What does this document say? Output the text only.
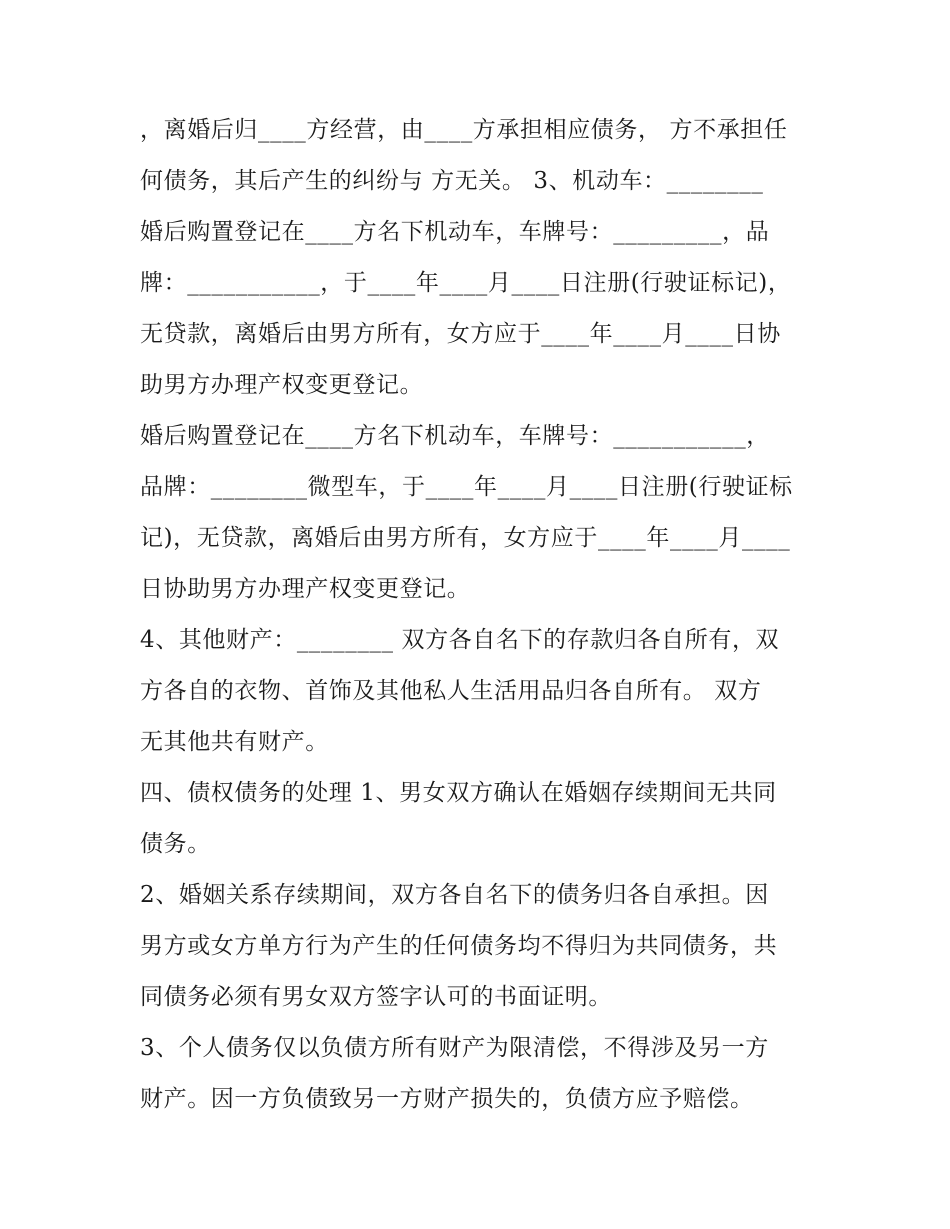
，离婚后归____方经营，由____方承担相应债务， 方不承担任

何债务，其后产生的纠纷与 方无关。 3、机动车：________

婚后购置登记在____方名下机动车，车牌号：_________，品

牌：___________，于____年____月____日注册(行驶证标记)，

无贷款，离婚后由男方所有，女方应于____年____月____日协

助男方办理产权变更登记。

婚后购置登记在____方名下机动车，车牌号：___________，

品牌：________微型车，于____年____月____日注册(行驶证标

记)，无贷款，离婚后由男方所有，女方应于____年____月____

日协助男方办理产权变更登记。

4、其他财产：________ 双方各自名下的存款归各自所有，双

方各自的衣物、首饰及其他私人生活用品归各自所有。 双方

无其他共有财产。

四、债权债务的处理 1、男女双方确认在婚姻存续期间无共同

债务。

2、婚姻关系存续期间，双方各自名下的债务归各自承担。因

男方或女方单方行为产生的任何债务均不得归为共同债务，共

同债务必须有男女双方签字认可的书面证明。

3、个人债务仅以负债方所有财产为限清偿，不得涉及另一方

财产。因一方负债致另一方财产损失的，负债方应予赔偿。
